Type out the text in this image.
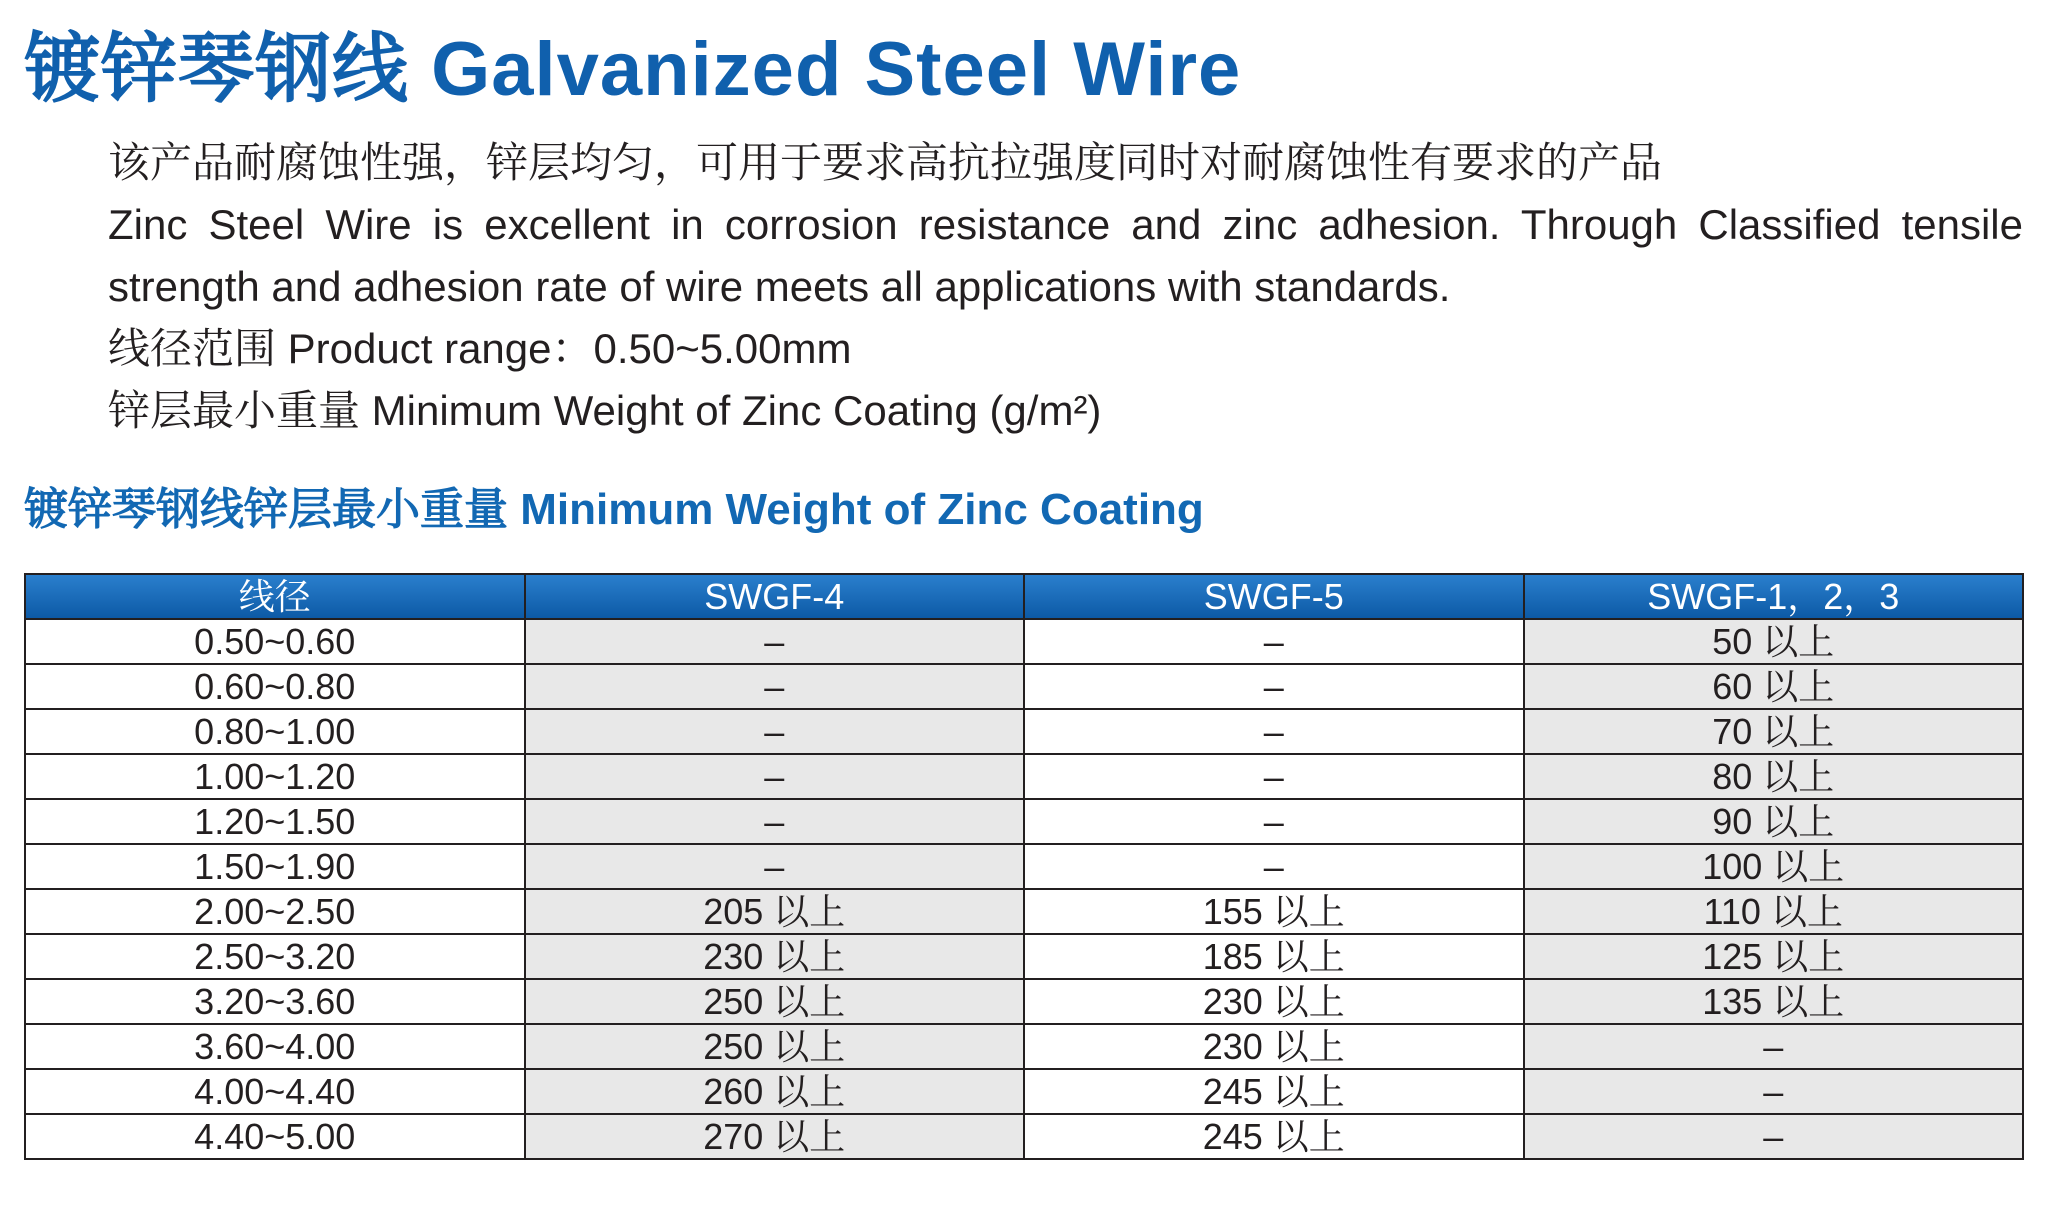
镀锌琴钢线 Galvanized Steel Wire

该产品耐腐蚀性强，锌层均匀，可用于要求高抗拉强度同时对耐腐蚀性有要求的产品

Zinc Steel Wire is excellent in corrosion resistance and zinc adhesion. Through Classified tensile strength and adhesion rate of wire meets all applications with standards.

线径范围 Product range：0.50~5.00mm

锌层最小重量 Minimum Weight of Zinc Coating (g/m²)

镀锌琴钢线锌层最小重量 Minimum Weight of Zinc Coating
线径	SWGF-4	SWGF-5	SWGF-1，2，3
0.50~0.60	–	–	50 以上
0.60~0.80	–	–	60 以上
0.80~1.00	–	–	70 以上
1.00~1.20	–	–	80 以上
1.20~1.50	–	–	90 以上
1.50~1.90	–	–	100 以上
2.00~2.50	205 以上	155 以上	110 以上
2.50~3.20	230 以上	185 以上	125 以上
3.20~3.60	250 以上	230 以上	135 以上
3.60~4.00	250 以上	230 以上	–
4.00~4.40	260 以上	245 以上	–
4.40~5.00	270 以上	245 以上	–
